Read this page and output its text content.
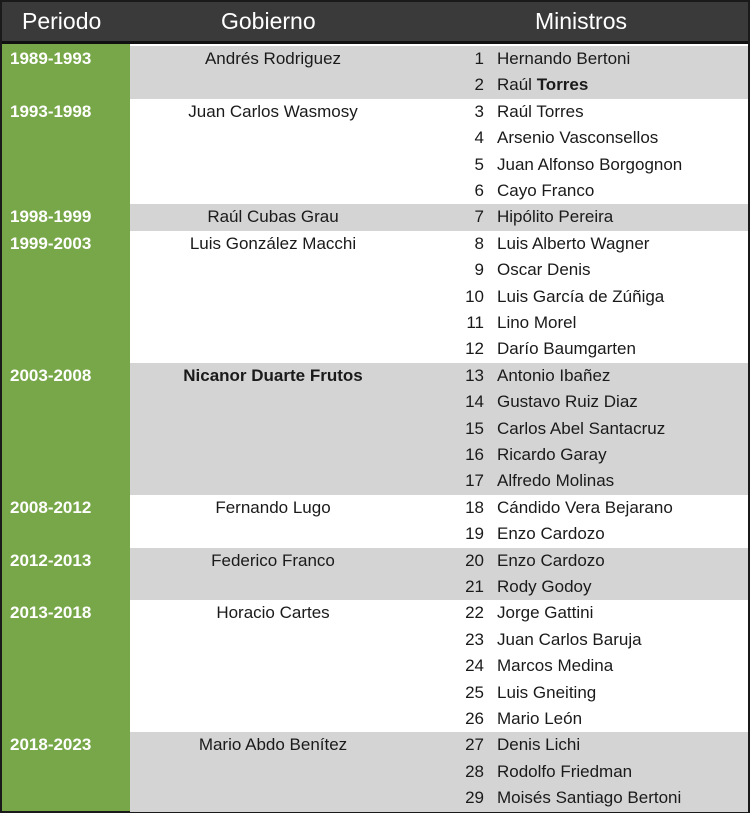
Periodo	Gobierno	Ministros
1989-1993	Andrés Rodriguez	1 Hernando Bertoni
2 Raúl Torres
1993-1998	Juan Carlos Wasmosy	3 Raúl Torres
4 Arsenio Vasconsellos
5 Juan Alfonso Borgognon
6 Cayo Franco
1998-1999	Raúl Cubas Grau	7 Hipólito Pereira
1999-2003	Luis González Macchi	8 Luis Alberto Wagner
9 Oscar Denis
10 Luis García de Zúñiga
11 Lino Morel
12 Darío Baumgarten
2003-2008	Nicanor Duarte Frutos	13 Antonio Ibañez
14 Gustavo Ruiz Diaz
15 Carlos Abel Santacruz
16 Ricardo Garay
17 Alfredo Molinas
2008-2012	Fernando Lugo	18 Cándido Vera Bejarano
19 Enzo Cardozo
2012-2013	Federico Franco	20 Enzo Cardozo
21 Rody Godoy
2013-2018	Horacio Cartes	22 Jorge Gattini
23 Juan Carlos Baruja
24 Marcos Medina
25 Luis Gneiting
26 Mario León
2018-2023	Mario Abdo Benítez	27 Denis Lichi
28 Rodolfo Friedman
29 Moisés Santiago Bertoni
